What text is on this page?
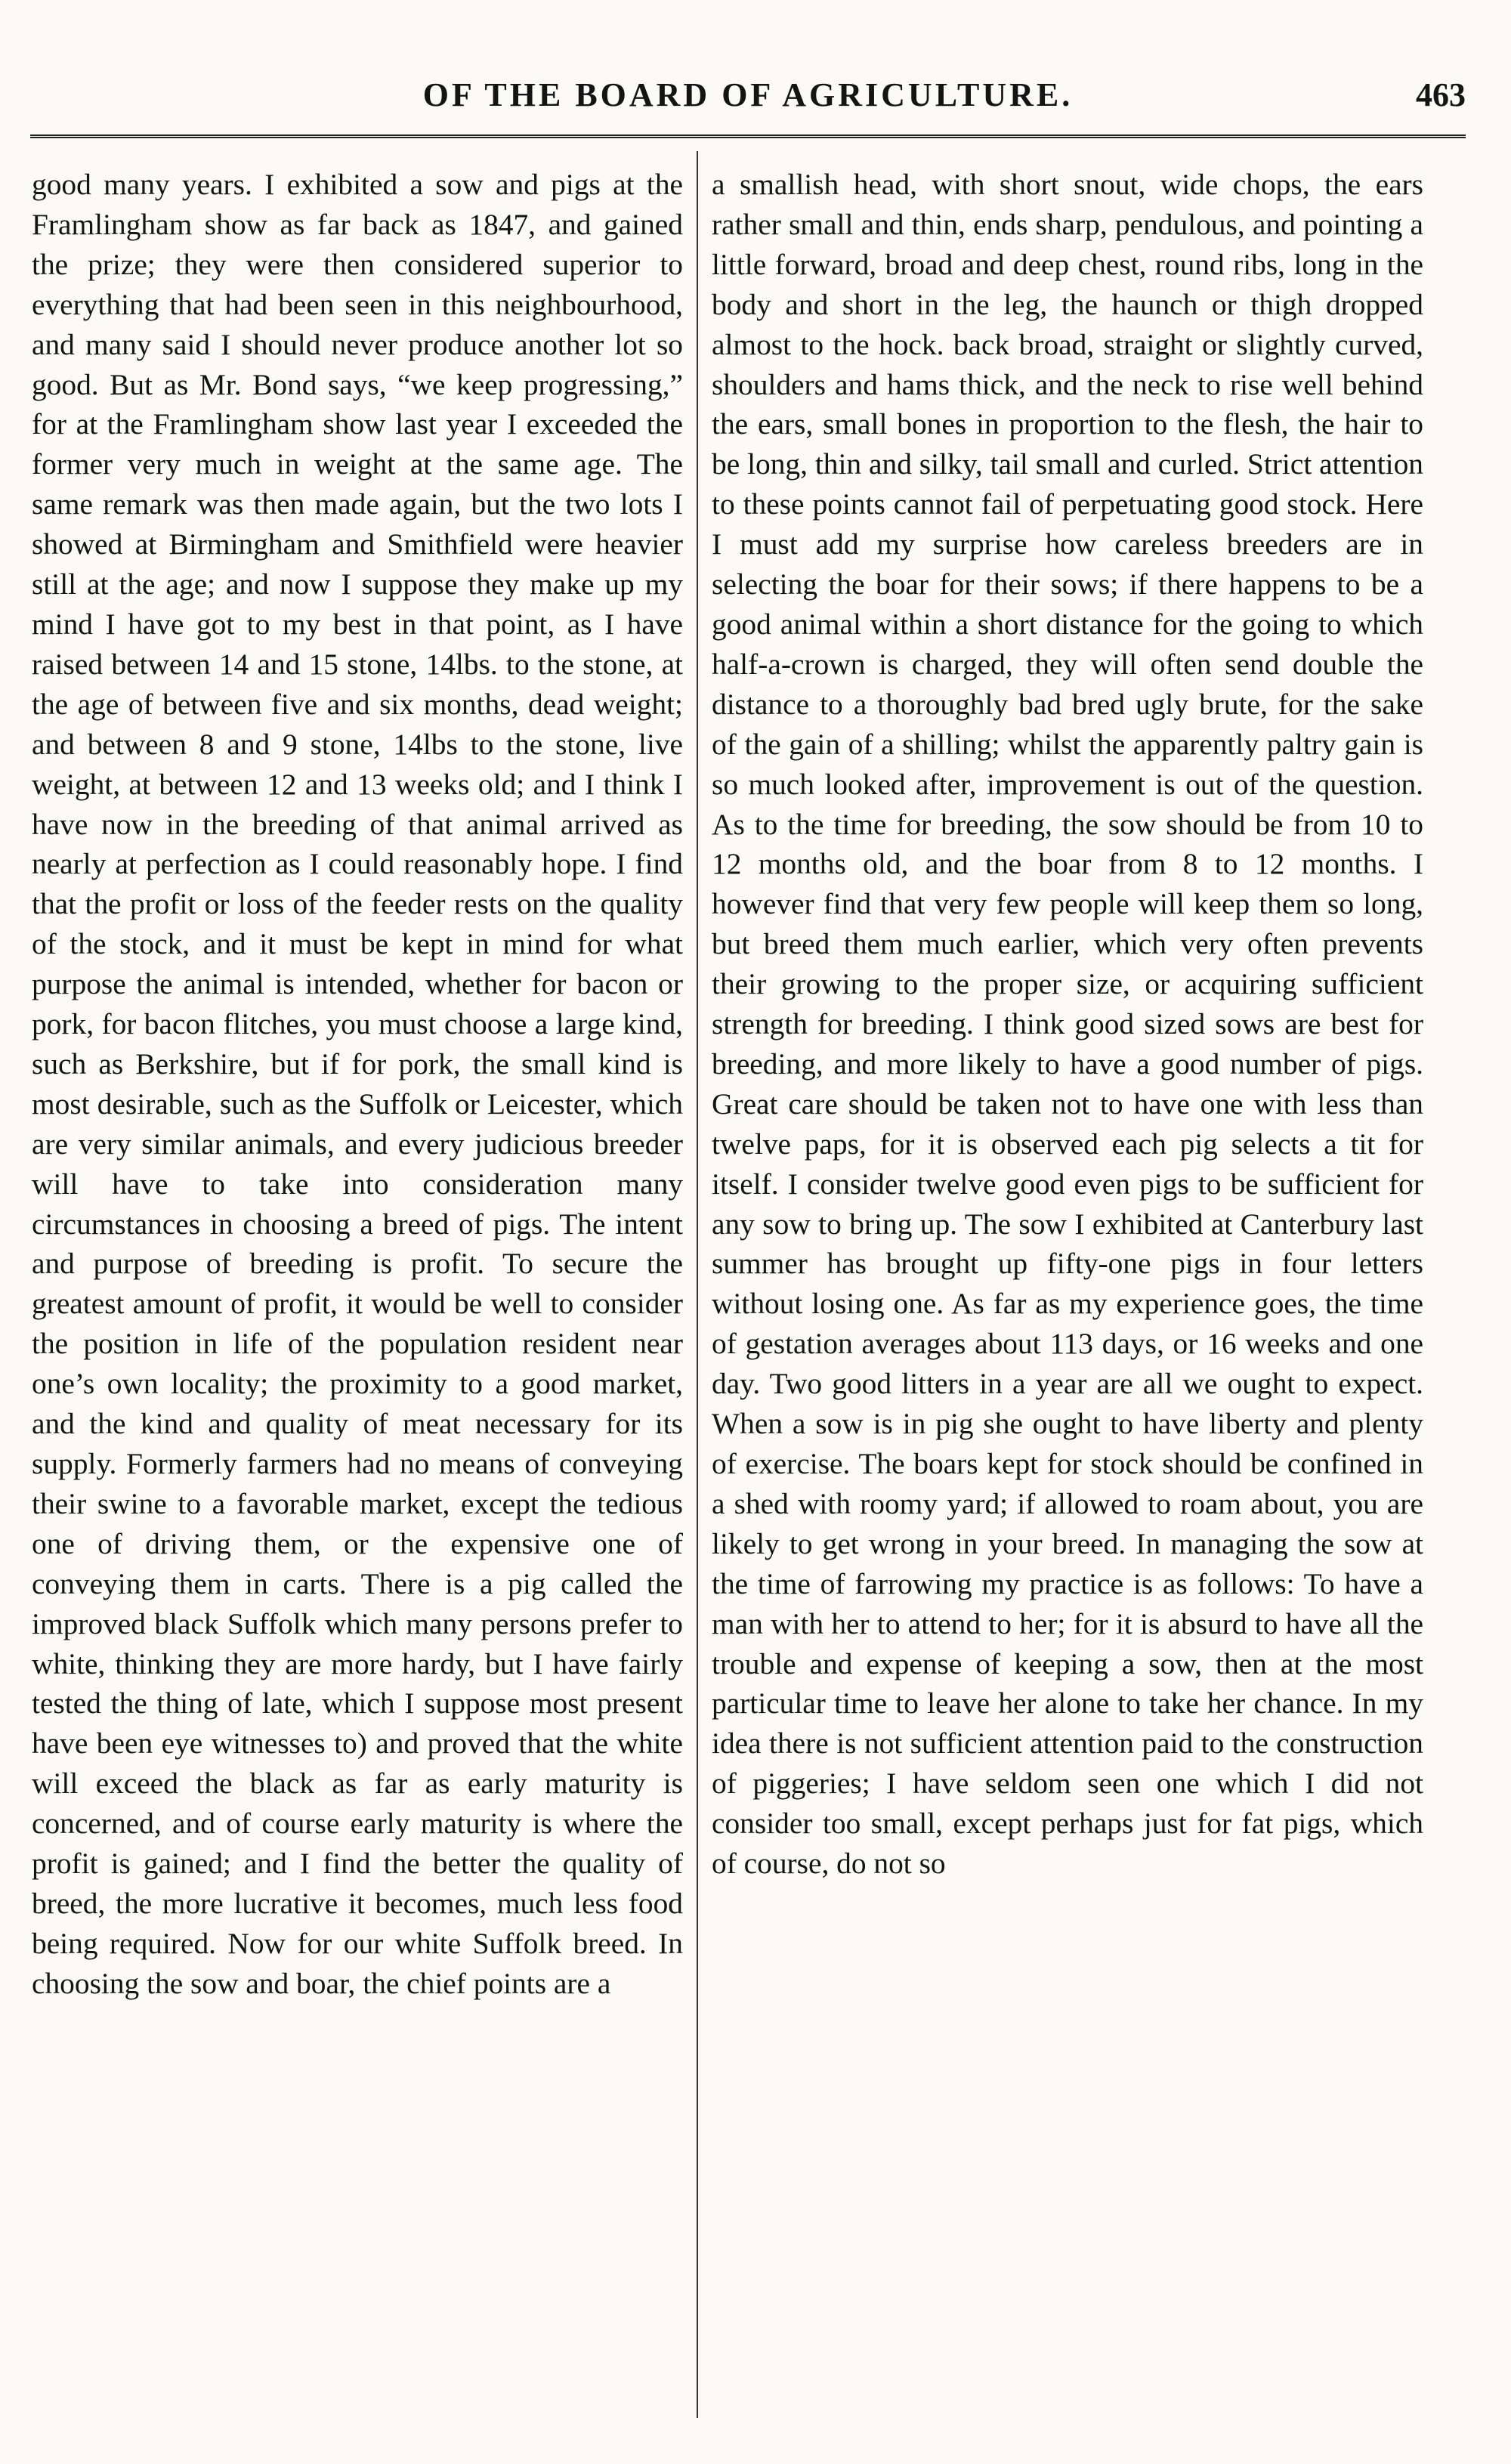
OF THE BOARD OF AGRICULTURE.	463

good many years. I exhibited a sow and pigs at the Framlingham show as far back as 1847, and gained the prize; they were then considered superior to everything that had been seen in this neighbourhood, and many said I should never produce another lot so good. But as Mr. Bond says, “we keep progressing,” for at the Framlingham show last year I exceeded the former very much in weight at the same age. The same remark was then made again, but the two lots I showed at Birmingham and Smithfield were heavier still at the age; and now I suppose they make up my mind I have got to my best in that point, as I have raised between 14 and 15 stone, 14lbs. to the stone, at the age of between five and six months, dead weight; and between 8 and 9 stone, 14lbs to the stone, live weight, at between 12 and 13 weeks old; and I think I have now in the breeding of that animal arrived as nearly at perfection as I could reasonably hope. I find that the profit or loss of the feeder rests on the quality of the stock, and it must be kept in mind for what purpose the animal is intended, whether for bacon or pork, for bacon flitches, you must choose a large kind, such as Berkshire, but if for pork, the small kind is most desirable, such as the Suffolk or Leicester, which are very similar animals, and every judicious breeder will have to take into consideration many circumstances in choosing a breed of pigs. The intent and purpose of breeding is profit. To secure the greatest amount of profit, it would be well to consider the position in life of the population resident near one’s own locality; the proximity to a good market, and the kind and quality of meat necessary for its supply. Formerly farmers had no means of conveying their swine to a favorable market, except the tedious one of driving them, or the expensive one of conveying them in carts. There is a pig called the improved black Suffolk which many persons prefer to white, thinking they are more hardy, but I have fairly tested the thing of late, which I suppose most present have been eye witnesses to) and proved that the white will exceed the black as far as early maturity is concerned, and of course early maturity is where the profit is gained; and I find the better the quality of breed, the more lucrative it becomes, much less food being required. Now for our white Suffolk breed. In choosing the sow and boar, the chief points are a

a smallish head, with short snout, wide chops, the ears rather small and thin, ends sharp, pendulous, and pointing a little forward, broad and deep chest, round ribs, long in the body and short in the leg, the haunch or thigh dropped almost to the hock. back broad, straight or slightly curved, shoulders and hams thick, and the neck to rise well behind the ears, small bones in proportion to the flesh, the hair to be long, thin and silky, tail small and curled. Strict attention to these points cannot fail of perpetuating good stock. Here I must add my surprise how careless breeders are in selecting the boar for their sows; if there happens to be a good animal within a short distance for the going to which half-a-crown is charged, they will often send double the distance to a thoroughly bad bred ugly brute, for the sake of the gain of a shilling; whilst the apparently paltry gain is so much looked after, improvement is out of the question. As to the time for breeding, the sow should be from 10 to 12 months old, and the boar from 8 to 12 months. I however find that very few people will keep them so long, but breed them much earlier, which very often prevents their growing to the proper size, or acquiring sufficient strength for breeding. I think good sized sows are best for breeding, and more likely to have a good number of pigs. Great care should be taken not to have one with less than twelve paps, for it is observed each pig selects a tit for itself. I consider twelve good even pigs to be sufficient for any sow to bring up. The sow I exhibited at Canterbury last summer has brought up fifty-one pigs in four letters without losing one. As far as my experience goes, the time of gestation averages about 113 days, or 16 weeks and one day. Two good litters in a year are all we ought to expect. When a sow is in pig she ought to have liberty and plenty of exercise. The boars kept for stock should be confined in a shed with roomy yard; if allowed to roam about, you are likely to get wrong in your breed. In managing the sow at the time of farrowing my practice is as follows: To have a man with her to attend to her; for it is absurd to have all the trouble and expense of keeping a sow, then at the most particular time to leave her alone to take her chance. In my idea there is not sufficient attention paid to the construction of piggeries; I have seldom seen one which I did not consider too small, except perhaps just for fat pigs, which of course, do not so
